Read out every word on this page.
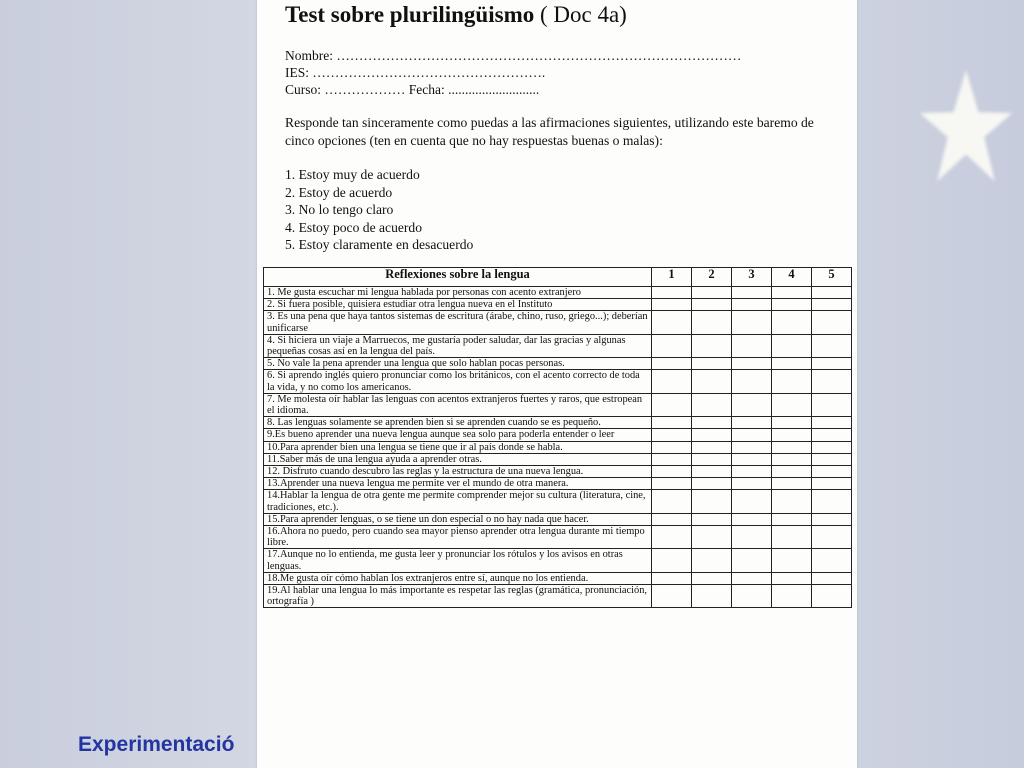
Test sobre plurilingüismo ( Doc 4a)
Nombre: ………………………………………………………………………………
IES: …………………………………………….
Curso: ……………… Fecha: ...........................
Responde tan sinceramente como puedas a las afirmaciones siguientes, utilizando este baremo de cinco opciones (ten en cuenta que no hay respuestas buenas o malas):
1. Estoy muy de acuerdo
2. Estoy de acuerdo
3. No lo tengo claro
4. Estoy poco de acuerdo
5. Estoy claramente en desacuerdo
Reflexiones sobre la lengua	1	2	3	4	5
1. Me gusta escuchar mi lengua hablada por personas con acento extranjero					
2. Si fuera posible, quisiera estudiar otra lengua nueva en el Instituto					
3. Es una pena que haya tantos sistemas de escritura (árabe, chino, ruso, griego...); deberían unificarse					
4. Si hiciera un viaje a Marruecos, me gustaría poder saludar, dar las gracias y algunas pequeñas cosas así en la lengua del país.					
5. No vale la pena aprender una lengua que solo hablan pocas personas.					
6. Si aprendo inglés quiero pronunciar como los británicos, con el acento correcto de toda la vida, y no como los americanos.					
7. Me molesta oír hablar las lenguas con acentos extranjeros fuertes y raros, que estropean el idioma.					
8. Las lenguas solamente se aprenden bien si se aprenden cuando se es pequeño.					
9.Es bueno aprender una nueva lengua aunque sea solo para poderla entender o leer					
10.Para aprender bien una lengua se tiene que ir al país donde se habla.					
11.Saber más de una lengua ayuda a aprender otras.					
12. Disfruto cuando descubro las reglas y la estructura de una nueva lengua.					
13.Aprender una nueva lengua me permite ver el mundo de otra manera.					
14.Hablar la lengua de otra gente me permite comprender mejor su cultura (literatura, cine, tradiciones, etc.).					
15.Para aprender lenguas, o se tiene un don especial o no hay nada que hacer.					
16.Ahora no puedo, pero cuando sea mayor pienso aprender otra lengua durante mi tiempo libre.					
17.Aunque no lo entienda, me gusta leer y pronunciar los rótulos y los avisos en otras lenguas.					
18.Me gusta oír cómo hablan los extranjeros entre sí, aunque no los entienda.					
19.Al hablar una lengua lo más importante es respetar las reglas (gramática, pronunciación, ortografía )					
Experimentació
